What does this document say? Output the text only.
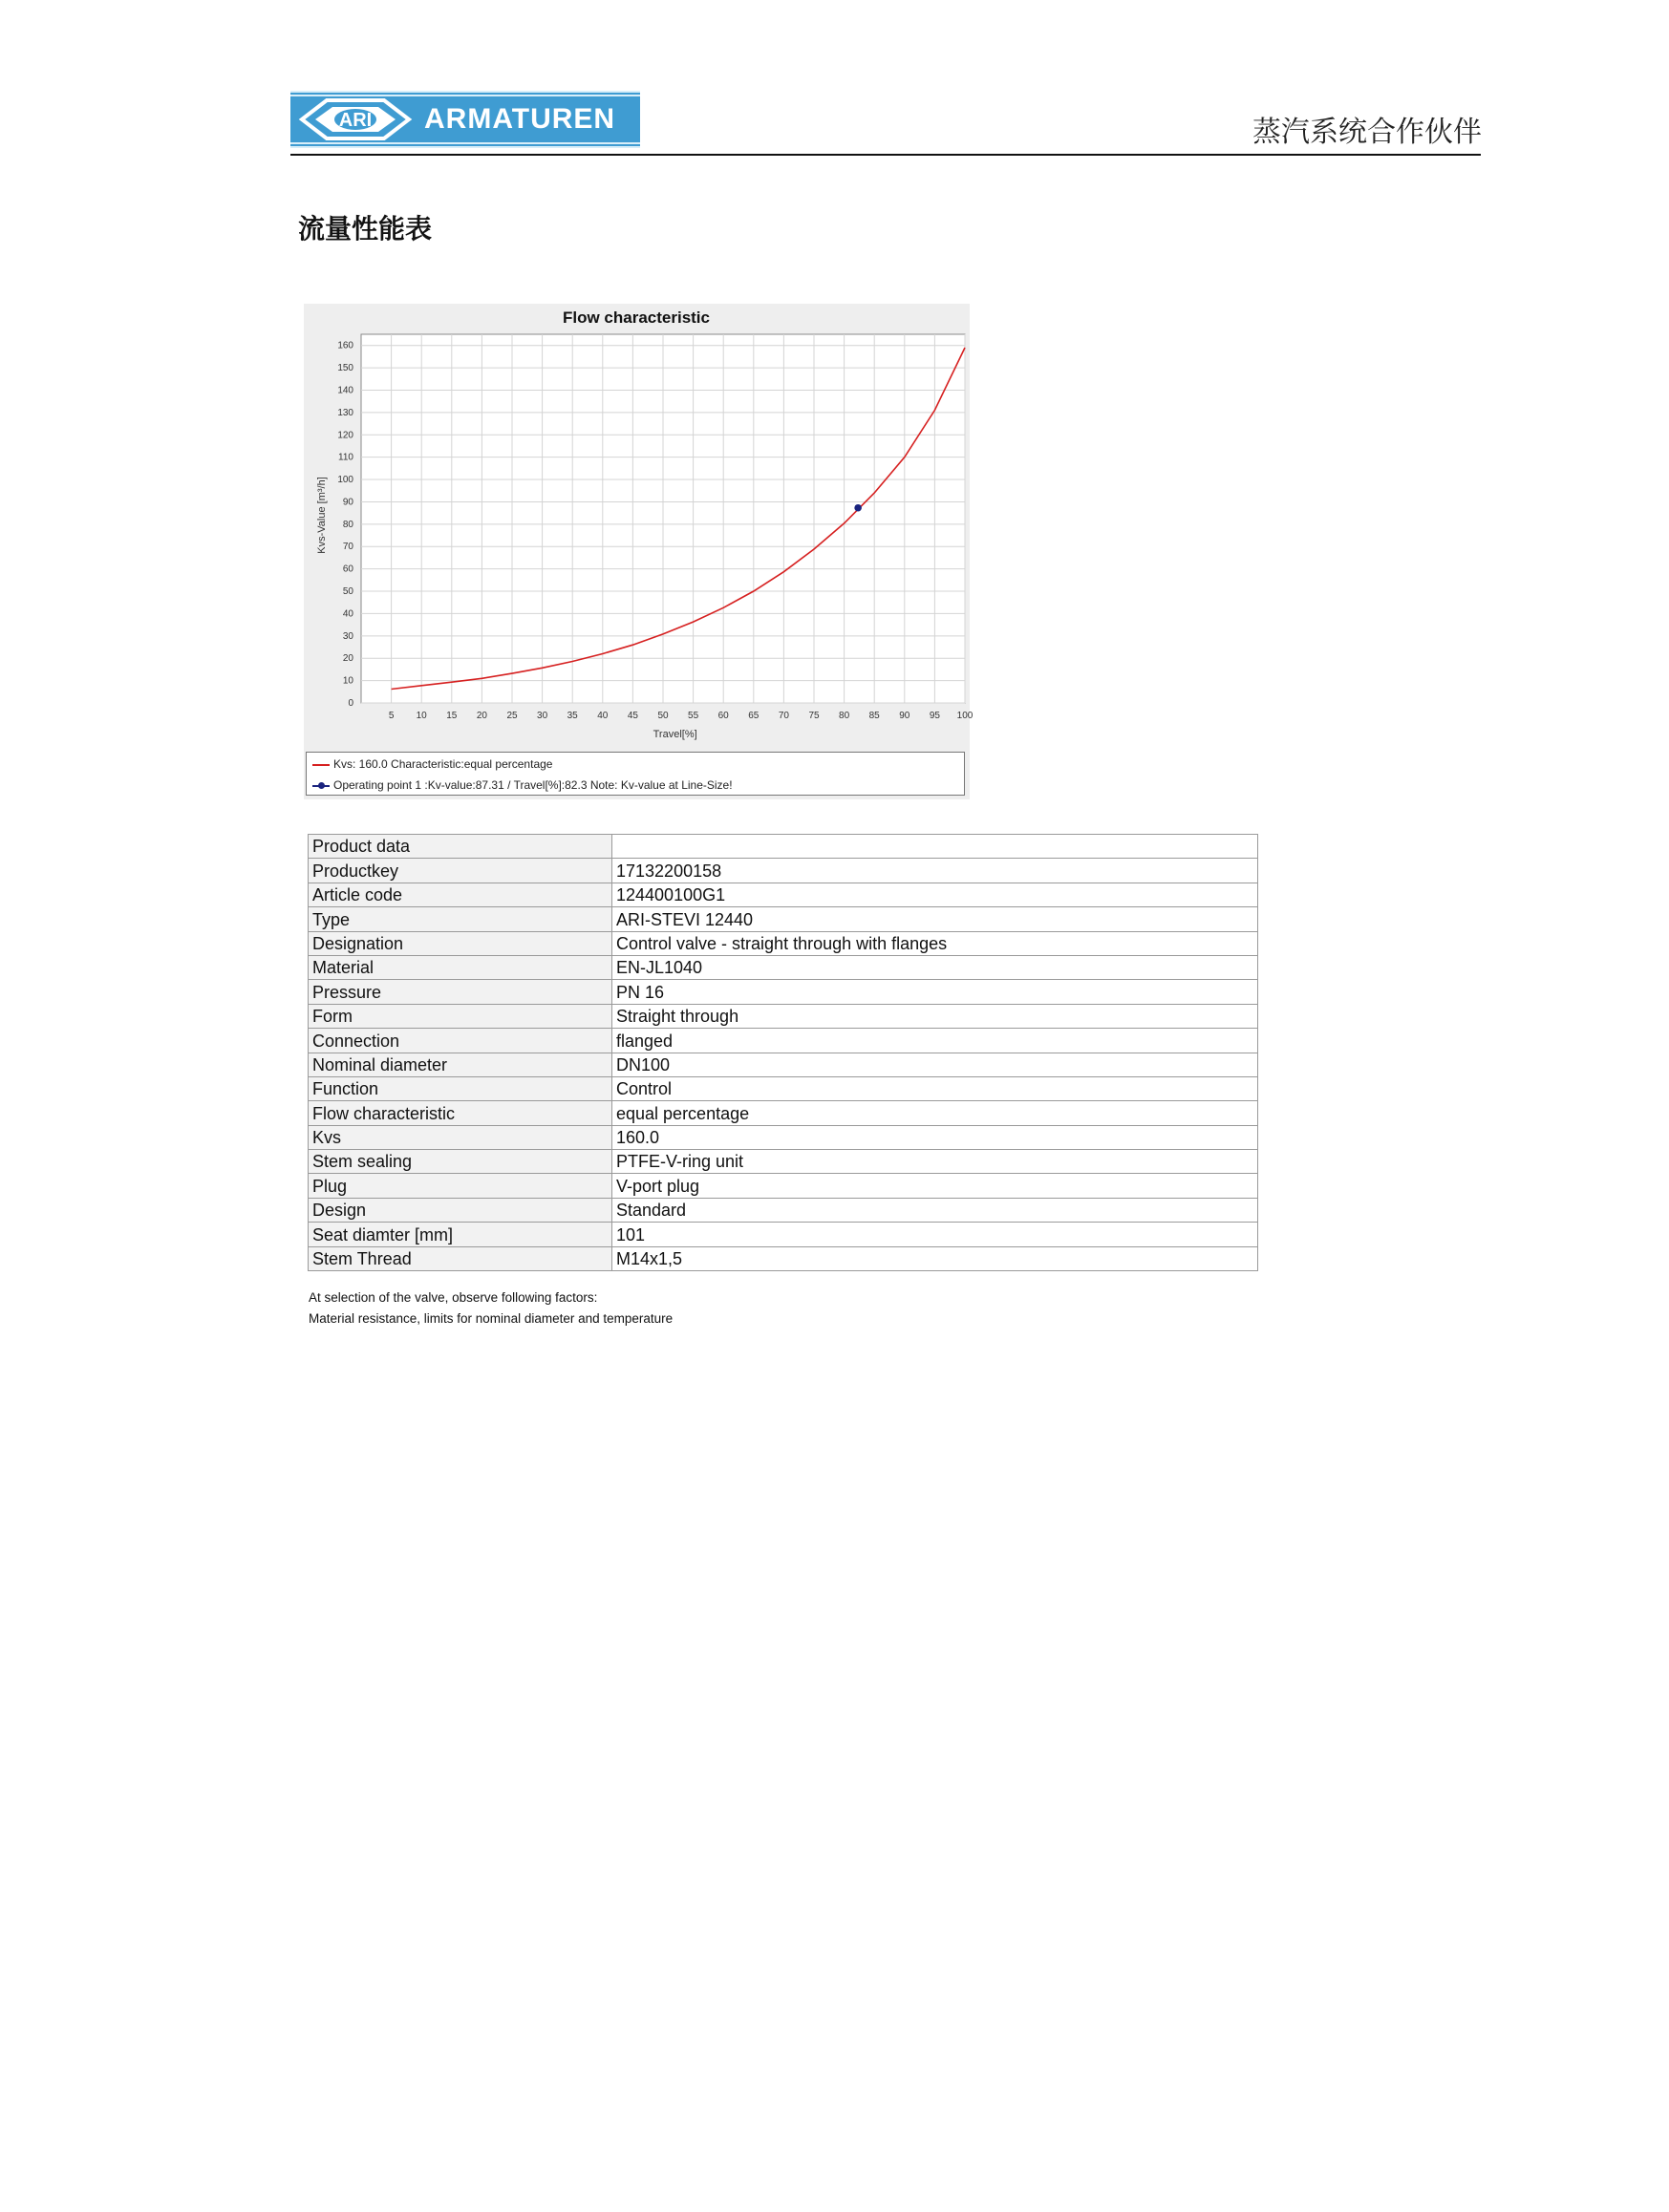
ARI ARMATUREN	蒸汽系统合作伙伴
流量性能表
Flow characteristic
5 10 15 20 25 30 35 40 45 50 55 60 65 70 75 80 85 90 95 100
0
10
20
30
40
50
60
70
80
90
100
110
120
130
140
150
160
Travel[%]
Kvs-Value [m³/h]
Kvs: 160.0 Characteristic:equal percentage
Operating point 1 :Kv-value:87.31 / Travel[%]:82.3 Note: Kv-value at Line-Size!
Product data	
Productkey	17132200158
Article code	124400100G1
Type	ARI-STEVI 12440
Designation	Control valve - straight through with flanges
Material	EN-JL1040
Pressure	PN 16
Form	Straight through
Connection	flanged
Nominal diameter	DN100
Function	Control
Flow characteristic	equal percentage
Kvs	160.0
Stem sealing	PTFE-V-ring unit
Plug	V-port plug
Design	Standard
Seat diamter [mm]	101
Stem Thread	M14x1,5
At selection of the valve, observe following factors:
Material resistance, limits for nominal diameter and temperature
